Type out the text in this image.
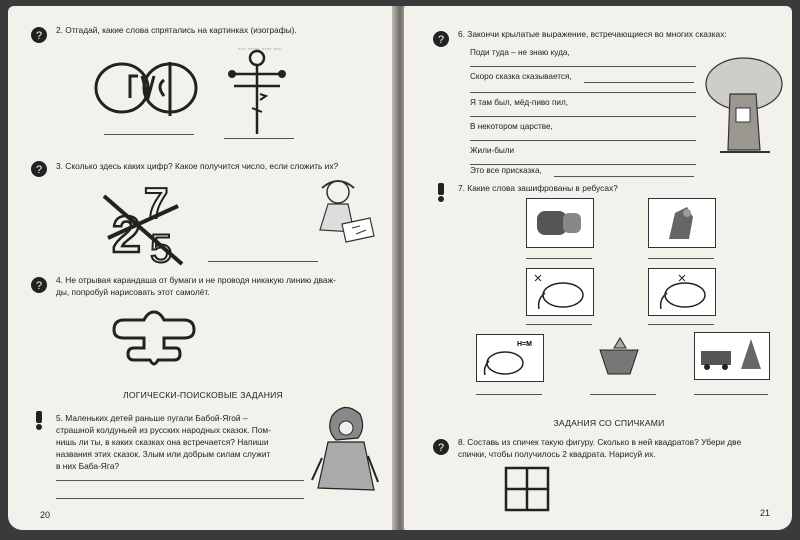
▪▪▪ ▪▪▪▪▪ ▪▪▪▪ ▪▪▪
? 2. Отгадай, какие слова спрятались на картинках (изографы).
? 3. Сколько здесь каких цифр? Какое получится число, если сложить их?
7
2 5
? 4. Не отрывая карандаша от бумаги и не проводя никакую линию дваж-
ды, попробуй нарисовать этот самолёт.
ЛОГИЧЕСКИ-ПОИСКОВЫЕ ЗАДАНИЯ
5. Маленьких детей раньше пугали Бабой-Ягой –
страшной колдуньей из русских народных сказок. Пом-
нишь ли ты, в каких сказках она встречается? Напиши
названия этих сказок. Злым или добрым силам служит
в них Баба-Яга?
20
? 6. Закончи крылатые выражение, встречающиеся во многих сказках:
Поди туда – не знаю куда,
Скоро сказка сказывается,
Я там был, мёд-пиво пил,
В некотором царстве,
Жили-были
Это все присказка,
7. Какие слова зашифрованы в ребусах?
Н=М
ЗАДАНИЯ СО СПИЧКАМИ
? 8. Составь из спичек такую фигуру. Сколько в ней квадратов? Убери две
спички, чтобы получилось 2 квадрата. Нарисуй их.
21
